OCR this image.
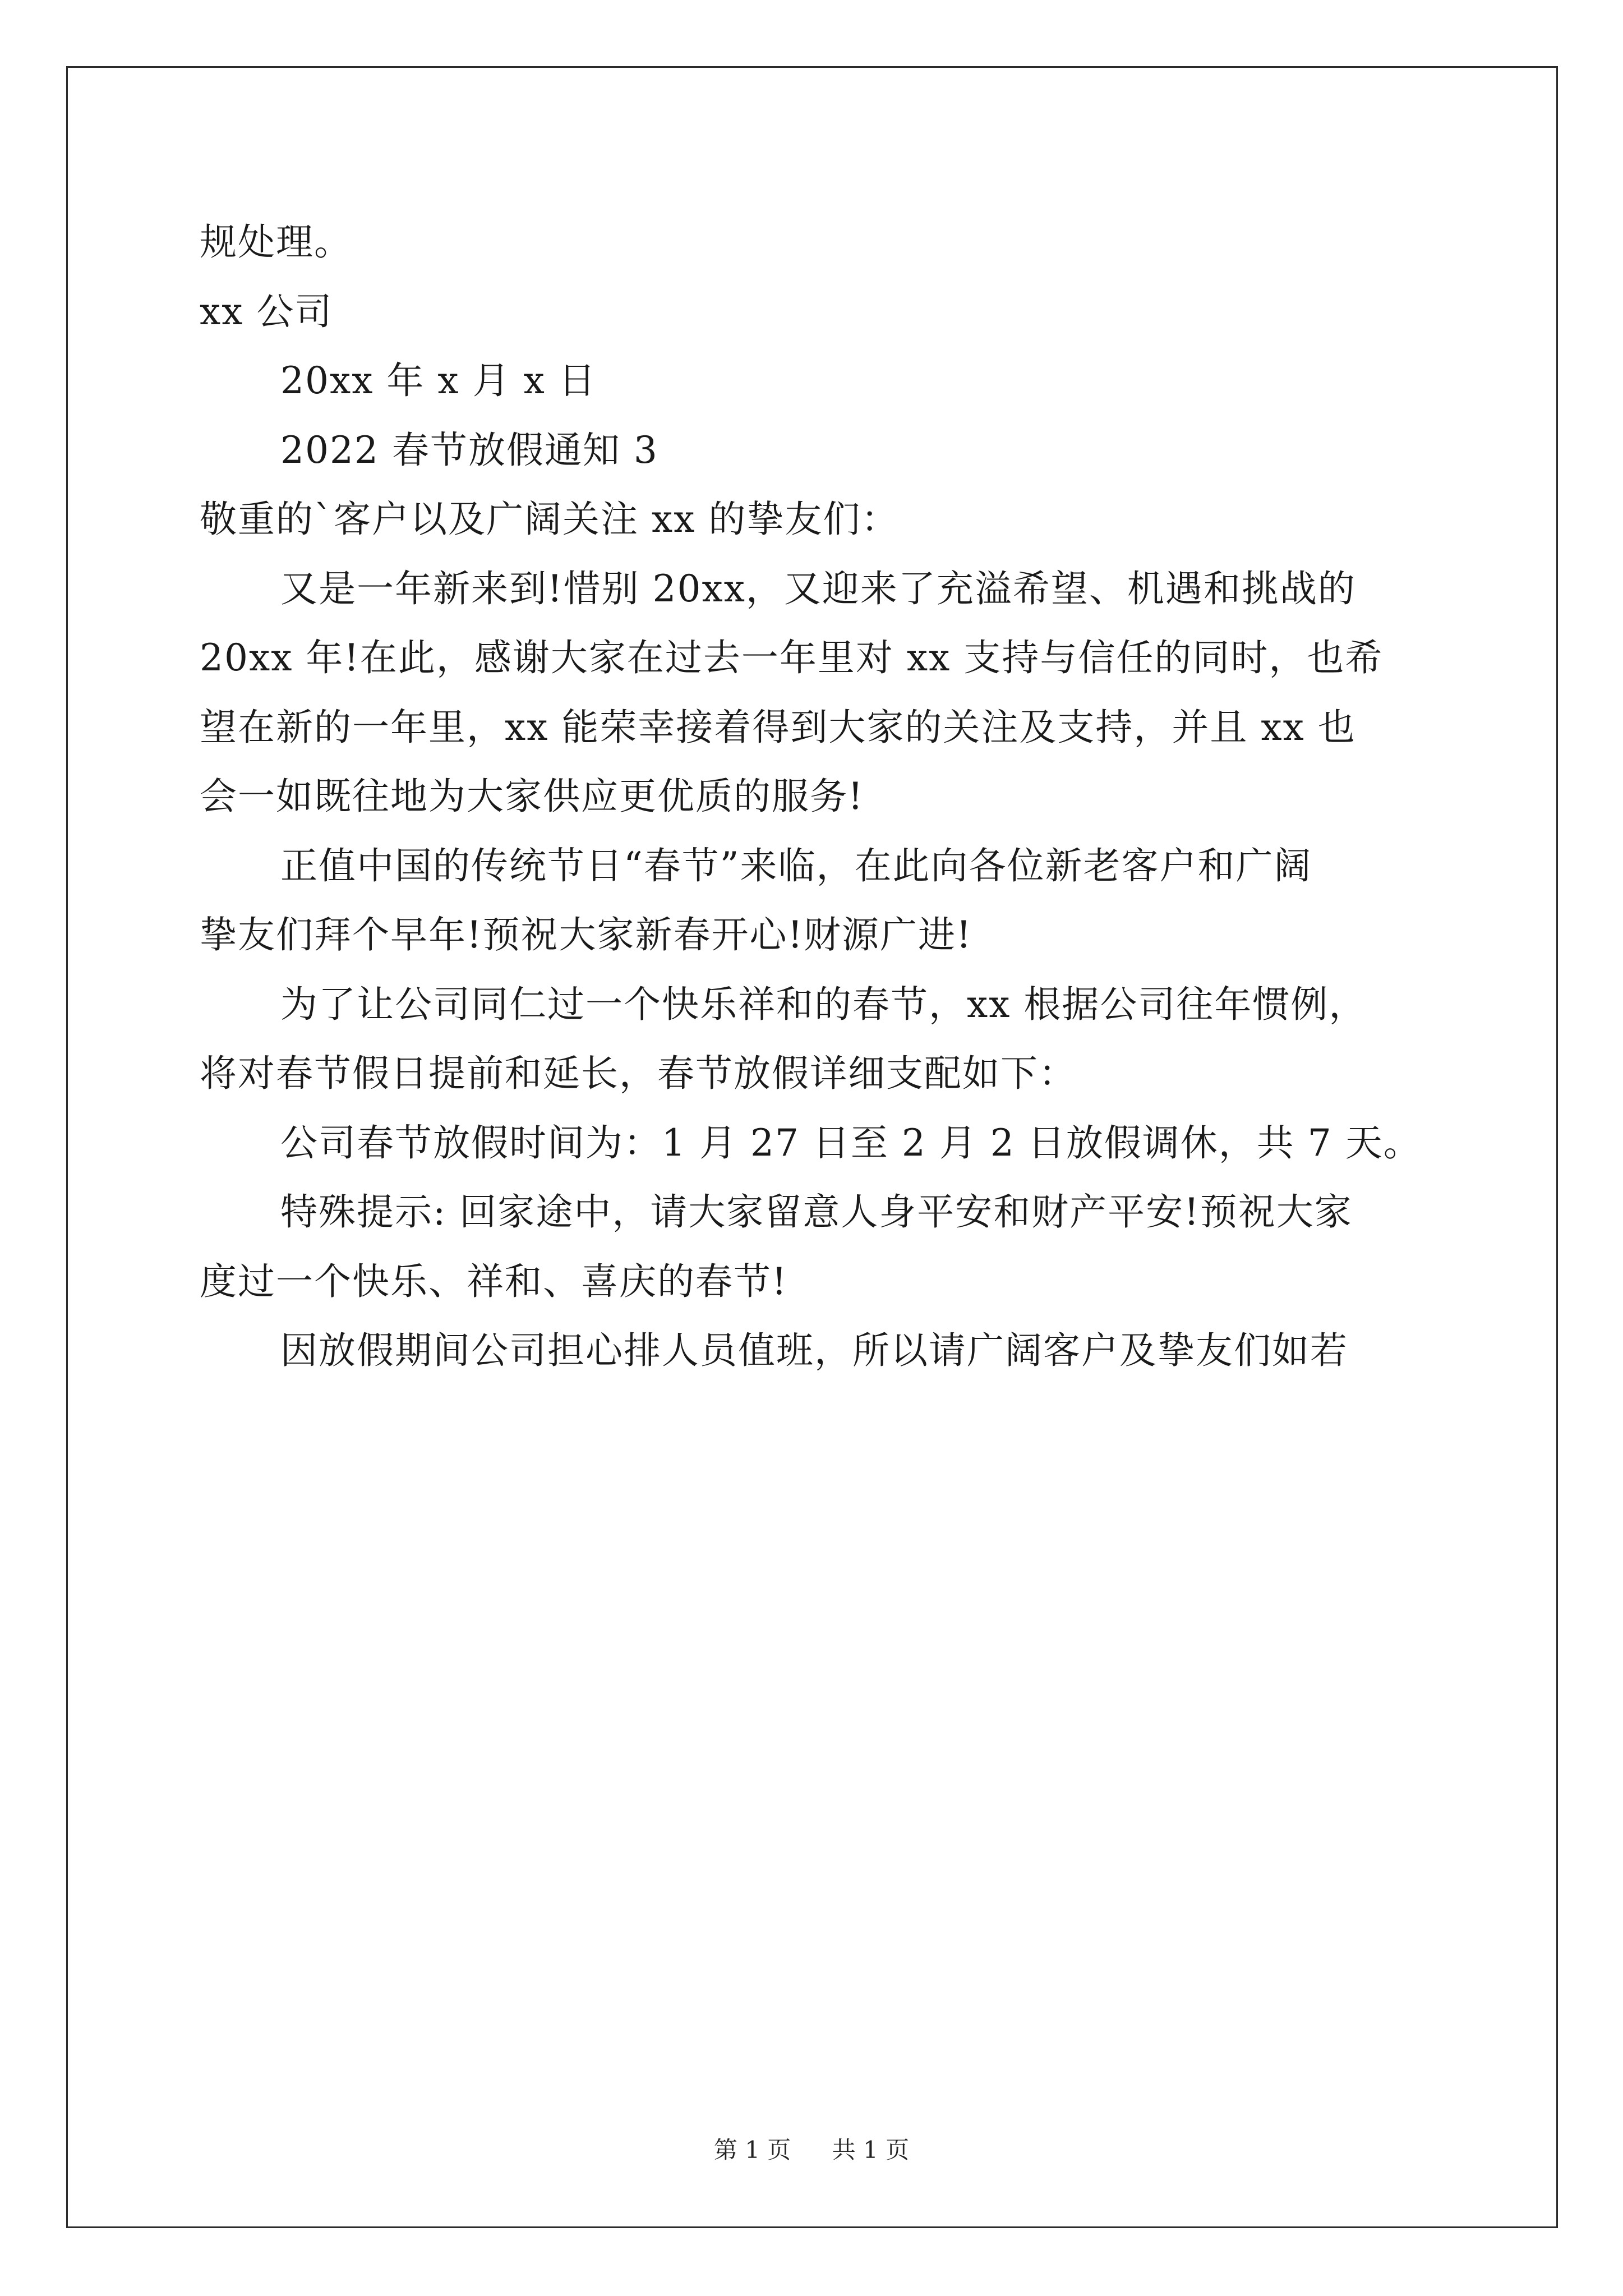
规处理。
xx 公司
20xx 年 x 月 x 日
2022 春节放假通知 3
敬重的`客户以及广阔关注 xx 的挚友们：
又是一年新来到!惜别 20xx，又迎来了充溢希望、机遇和挑战的
20xx 年!在此，感谢大家在过去一年里对 xx 支持与信任的同时，也希
望在新的一年里，xx 能荣幸接着得到大家的关注及支持，并且 xx 也
会一如既往地为大家供应更优质的服务!
正值中国的传统节日“春节”来临，在此向各位新老客户和广阔
挚友们拜个早年!预祝大家新春开心!财源广进!
为了让公司同仁过一个快乐祥和的春节，xx 根据公司往年惯例，
将对春节假日提前和延长，春节放假详细支配如下：
公司春节放假时间为：1 月 27 日至 2 月 2 日放假调休，共 7 天。
特殊提示: 回家途中，请大家留意人身平安和财产平安!预祝大家
度过一个快乐、祥和、喜庆的春节!
因放假期间公司担心排人员值班，所以请广阔客户及挚友们如若
第 1 页 共 1 页
